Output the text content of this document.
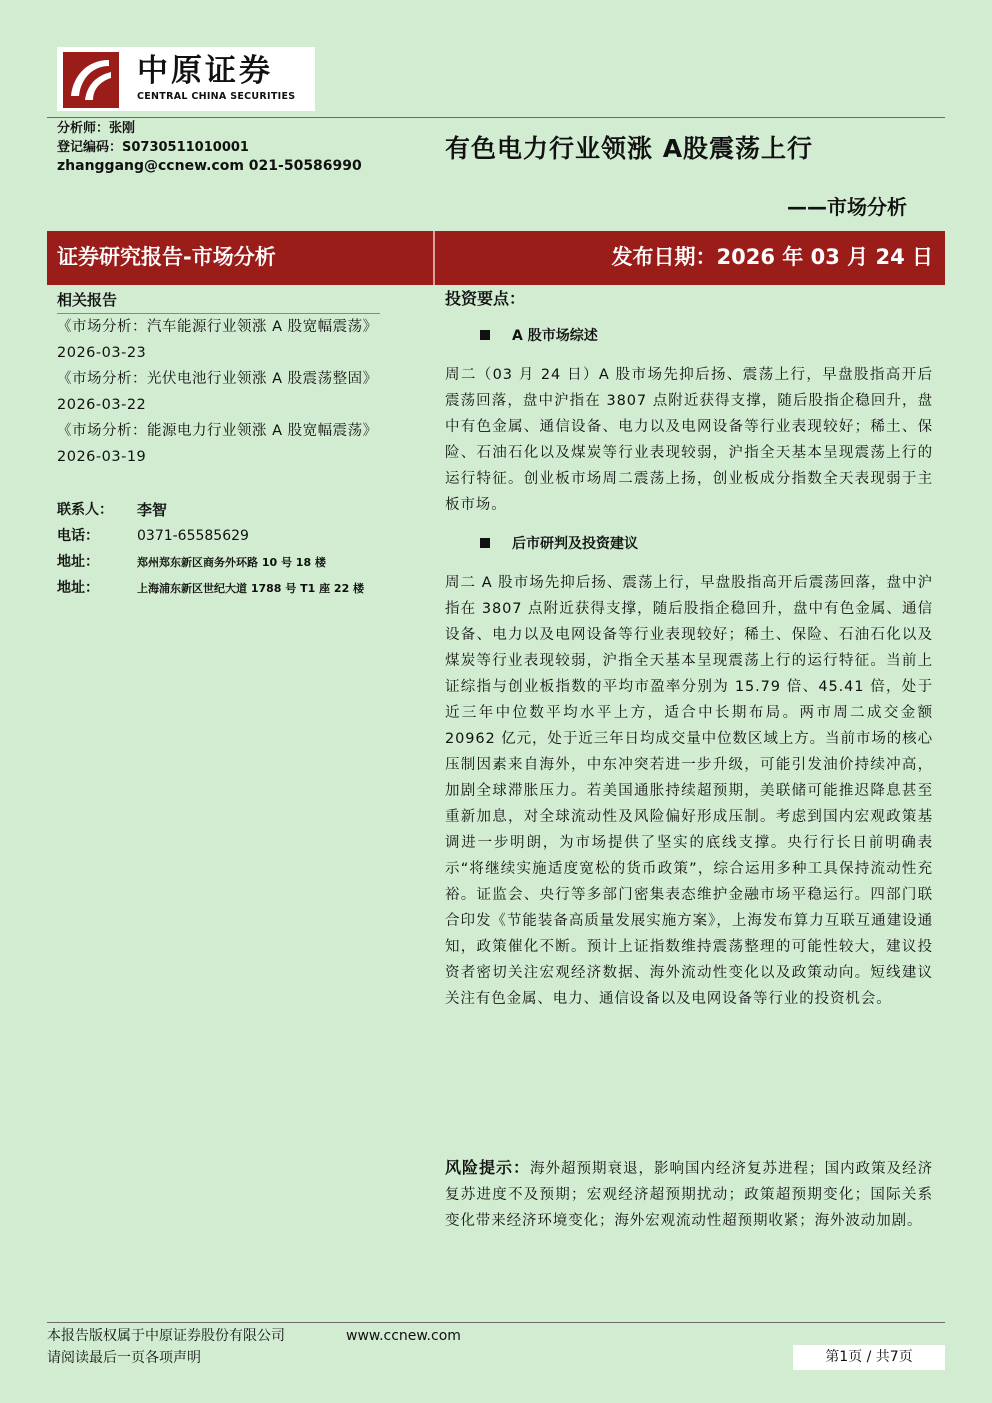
中原证券
CENTRAL CHINA SECURITIES
分析师：张刚
登记编码：S0730511010001
zhanggang@ccnew.com 021-50586990
有色电力行业领涨 A股震荡上行
——市场分析
证券研究报告-市场分析	发布日期：2026 年 03 月 24 日
相关报告
《市场分析：汽车能源行业领涨 A 股宽幅震荡》 2026-03-23
《市场分析：光伏电池行业领涨 A 股震荡整固》 2026-03-22
《市场分析：能源电力行业领涨 A 股宽幅震荡》 2026-03-19
联系人： 李智
电话：	0371-65585629
地址：	郑州郑东新区商务外环路 10 号 18 楼
地址：	上海浦东新区世纪大道 1788 号 T1 座 22 楼
投资要点：
A 股市场综述
周二（03 月 24 日）A 股市场先抑后扬、震荡上行，早盘股指高开后震荡回落，盘中沪指在 3807 点附近获得支撑，随后股指企稳回升，盘中有色金属、通信设备、电力以及电网设备等行业表现较好；稀土、保险、石油石化以及煤炭等行业表现较弱，沪指全天基本呈现震荡上行的运行特征。创业板市场周二震荡上扬，创业板成分指数全天表现弱于主板市场。
后市研判及投资建议
周二 A 股市场先抑后扬、震荡上行，早盘股指高开后震荡回落，盘中沪指在 3807 点附近获得支撑，随后股指企稳回升，盘中有色金属、通信设备、电力以及电网设备等行业表现较好；稀土、保险、石油石化以及煤炭等行业表现较弱，沪指全天基本呈现震荡上行的运行特征。当前上证综指与创业板指数的平均市盈率分别为 15.79 倍、45.41 倍，处于近三年中位数平均水平上方，适合中长期布局。两市周二成交金额 20962 亿元，处于近三年日均成交量中位数区域上方。当前市场的核心压制因素来自海外，中东冲突若进一步升级，可能引发油价持续冲高，加剧全球滞胀压力。若美国通胀持续超预期，美联储可能推迟降息甚至重新加息，对全球流动性及风险偏好形成压制。考虑到国内宏观政策基调进一步明朗，为市场提供了坚实的底线支撑。央行行长日前明确表示“将继续实施适度宽松的货币政策”，综合运用多种工具保持流动性充裕。证监会、央行等多部门密集表态维护金融市场平稳运行。四部门联合印发《节能装备高质量发展实施方案》，上海发布算力互联互通建设通知，政策催化不断。预计上证指数维持震荡整理的可能性较大，建议投资者密切关注宏观经济数据、海外流动性变化以及政策动向。短线建议关注有色金属、电力、通信设备以及电网设备等行业的投资机会。
风险提示：海外超预期衰退，影响国内经济复苏进程；国内政策及经济复苏进度不及预期；宏观经济超预期扰动；政策超预期变化；国际关系变化带来经济环境变化；海外宏观流动性超预期收紧；海外波动加剧。
本报告版权属于中原证券股份有限公司	www.ccnew.com
请阅读最后一页各项声明	第1页 / 共7页
